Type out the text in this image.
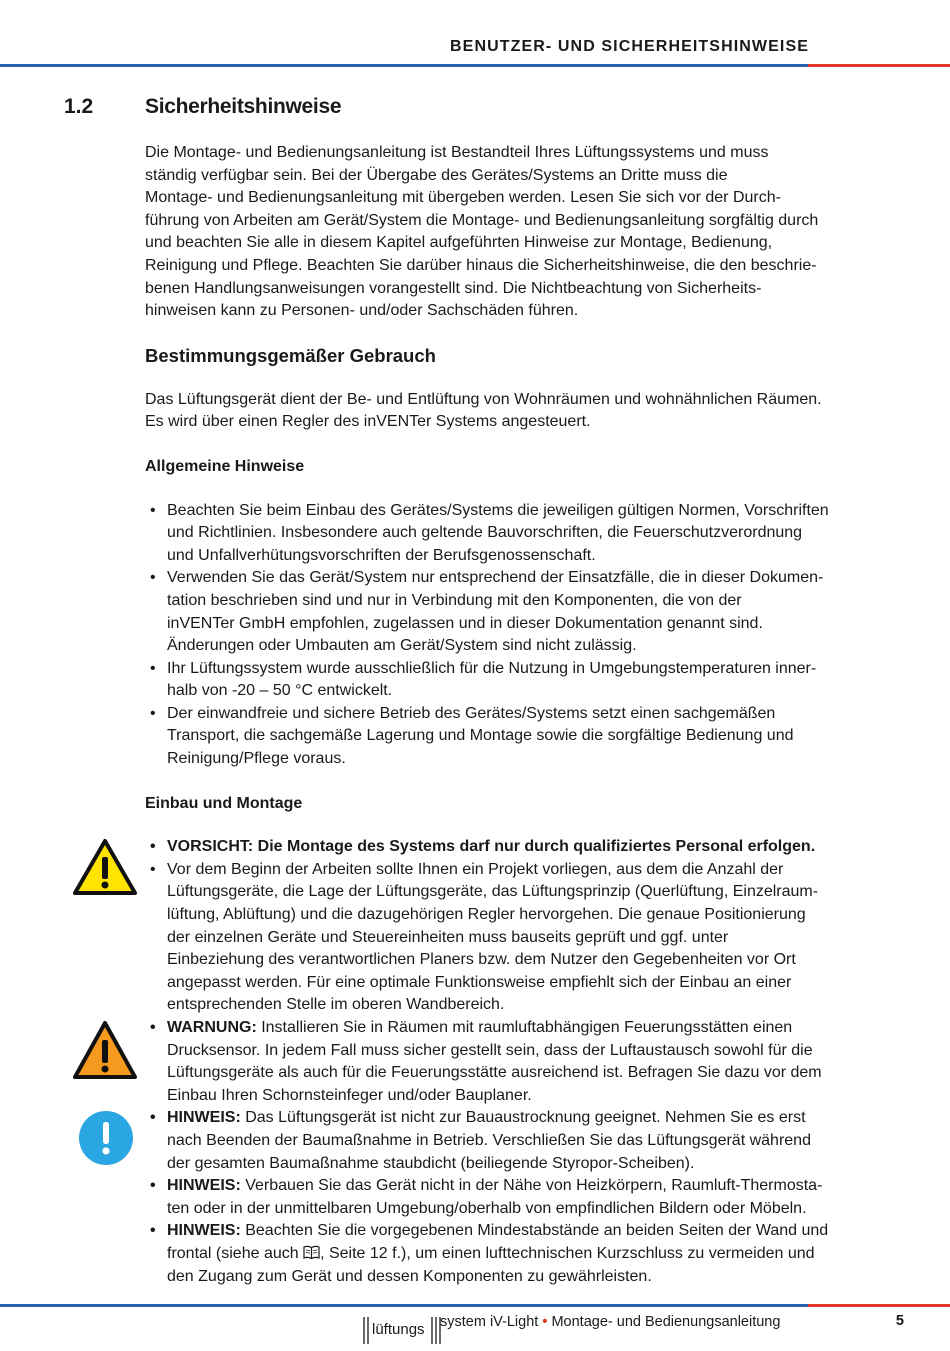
BENUTZER- UND SICHERHEITSHINWEISE
1.2 Sicherheitshinweise

Die Montage- und Bedienungsanleitung ist Bestandteil Ihres Lüftungssystems und muss
ständig verfügbar sein. Bei der Übergabe des Gerätes/Systems an Dritte muss die
Montage- und Bedienungsanleitung mit übergeben werden. Lesen Sie sich vor der Durch-
führung von Arbeiten am Gerät/System die Montage- und Bedienungsanleitung sorgfältig durch
und beachten Sie alle in diesem Kapitel aufgeführten Hinweise zur Montage, Bedienung,
Reinigung und Pflege. Beachten Sie darüber hinaus die Sicherheitshinweise, die den beschrie-
benen Handlungsanweisungen vorangestellt sind. Die Nichtbeachtung von Sicherheits-
hinweisen kann zu Personen- und/oder Sachschäden führen.

Bestimmungsgemäßer Gebrauch

Das Lüftungsgerät dient der Be- und Entlüftung von Wohnräumen und wohnähnlichen Räumen.
Es wird über einen Regler des inVENTer Systems angesteuert.

Allgemeine Hinweise
• Beachten Sie beim Einbau des Gerätes/Systems die jeweiligen gültigen Normen, Vorschriften
und Richtlinien. Insbesondere auch geltende Bauvorschriften, die Feuerschutzverordnung
und Unfallverhütungsvorschriften der Berufsgenossenschaft.
• Verwenden Sie das Gerät/System nur entsprechend der Einsatzfälle, die in dieser Dokumen-
tation beschrieben sind und nur in Verbindung mit den Komponenten, die von der
inVENTer GmbH empfohlen, zugelassen und in dieser Dokumentation genannt sind.
Änderungen oder Umbauten am Gerät/System sind nicht zulässig.
• Ihr Lüftungssystem wurde ausschließlich für die Nutzung in Umgebungstemperaturen inner-
halb von -20 – 50 °C entwickelt.
• Der einwandfreie und sichere Betrieb des Gerätes/Systems setzt einen sachgemäßen
Transport, die sachgemäße Lagerung und Montage sowie die sorgfältige Bedienung und
Reinigung/Pflege voraus.
Einbau und Montage
• VORSICHT: Die Montage des Systems darf nur durch qualifiziertes Personal erfolgen.
• Vor dem Beginn der Arbeiten sollte Ihnen ein Projekt vorliegen, aus dem die Anzahl der
Lüftungsgeräte, die Lage der Lüftungsgeräte, das Lüftungsprinzip (Querlüftung, Einzelraum-
lüftung, Ablüftung) und die dazugehörigen Regler hervorgehen. Die genaue Positionierung
der einzelnen Geräte und Steuereinheiten muss bauseits geprüft und ggf. unter
Einbeziehung des verantwortlichen Planers bzw. dem Nutzer den Gegebenheiten vor Ort
angepasst werden. Für eine optimale Funktionsweise empfiehlt sich der Einbau an einer
entsprechenden Stelle im oberen Wandbereich.
• WARNUNG: Installieren Sie in Räumen mit raumluftabhängigen Feuerungsstätten einen
Drucksensor. In jedem Fall muss sicher gestellt sein, dass der Luftaustausch sowohl für die
Lüftungsgeräte als auch für die Feuerungsstätte ausreichend ist. Befragen Sie dazu vor dem
Einbau Ihren Schornsteinfeger und/oder Bauplaner.
• HINWEIS: Das Lüftungsgerät ist nicht zur Bauaustrocknung geeignet. Nehmen Sie es erst
nach Beenden der Baumaßnahme in Betrieb. Verschließen Sie das Lüftungsgerät während
der gesamten Baumaßnahme staubdicht (beiliegende Styropor-Scheiben).
• HINWEIS: Verbauen Sie das Gerät nicht in der Nähe von Heizkörpern, Raumluft-Thermosta-
ten oder in der unmittelbaren Umgebung/oberhalb von empfindlichen Bildern oder Möbeln.
• HINWEIS: Beachten Sie die vorgegebenen Mindestabstände an beiden Seiten der Wand und
frontal (siehe auch , Seite 12 f.), um einen lufttechnischen Kurzschluss zu vermeiden und
den Zugang zum Gerät und dessen Komponenten zu gewährleisten.
lüftungs system iV-Light • Montage- und Bedienungsanleitung	5
